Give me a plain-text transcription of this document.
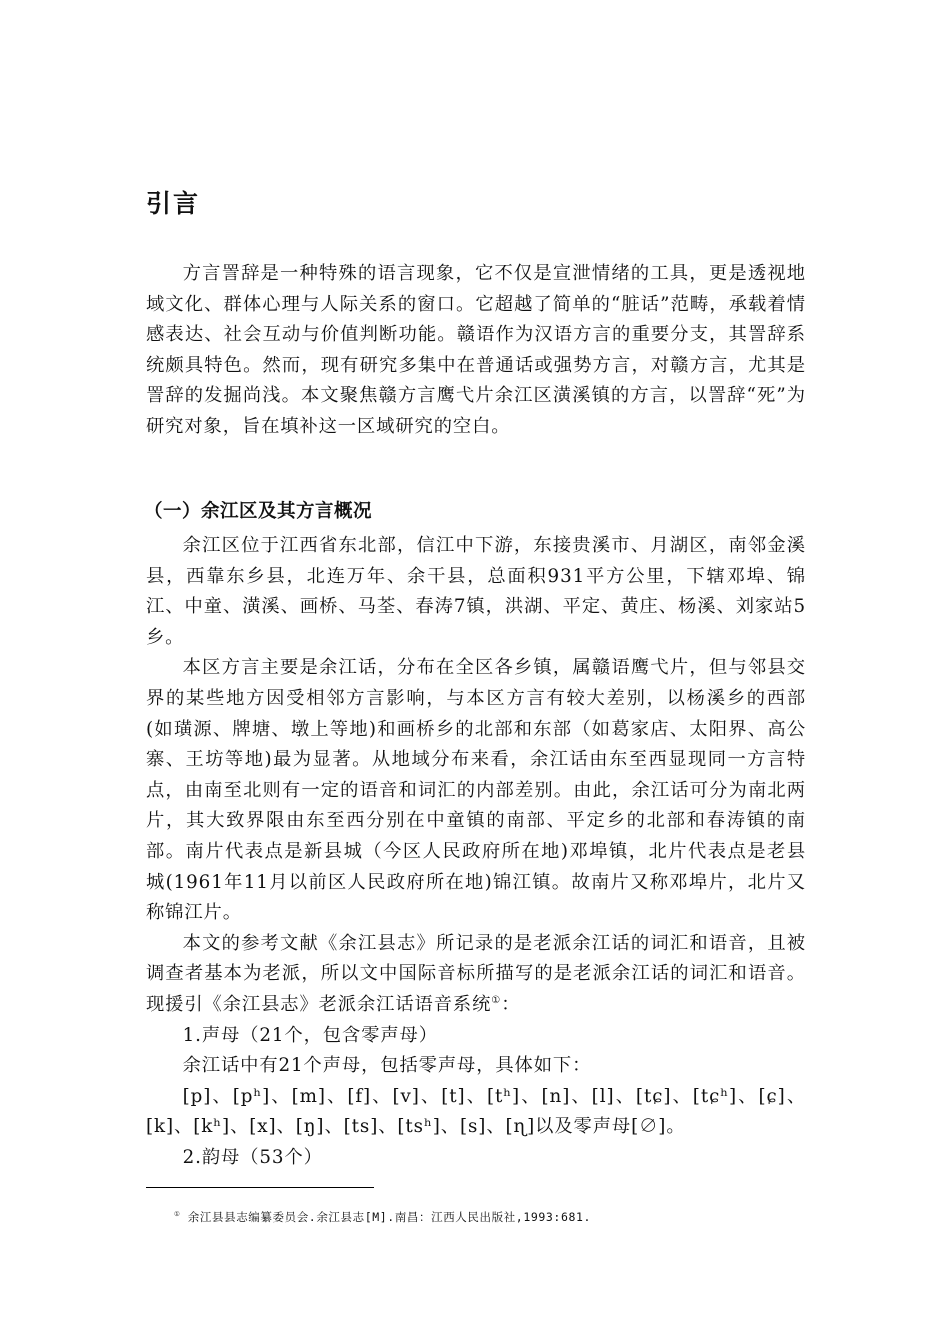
引言

方言詈辞是一种特殊的语言现象，它不仅是宣泄情绪的工具，更是透视地域文化、群体心理与人际关系的窗口。它超越了简单的“脏话”范畴，承载着情感表达、社会互动与价值判断功能。赣语作为汉语方言的重要分支，其詈辞系统颇具特色。然而，现有研究多集中在普通话或强势方言，对赣方言，尤其是詈辞的发掘尚浅。本文聚焦赣方言鹰弋片余江区潢溪镇的方言，以詈辞“死”为研究对象，旨在填补这一区域研究的空白。

（一）余江区及其方言概况

余江区位于江西省东北部，信江中下游，东接贵溪市、月湖区，南邻金溪县，西靠东乡县，北连万年、余干县，总面积931平方公里，下辖邓埠、锦江、中童、潢溪、画桥、马荃、春涛7镇，洪湖、平定、黄庄、杨溪、刘家站5乡。

本区方言主要是余江话，分布在全区各乡镇，属赣语鹰弋片，但与邻县交界的某些地方因受相邻方言影响，与本区方言有较大差别，以杨溪乡的西部(如璜源、牌塘、墩上等地)和画桥乡的北部和东部（如葛家店、太阳界、高公寨、王坊等地)最为显著。从地域分布来看，余江话由东至西显现同一方言特点，由南至北则有一定的语音和词汇的内部差别。由此，余江话可分为南北两片，其大致界限由东至西分别在中童镇的南部、平定乡的北部和春涛镇的南部。南片代表点是新县城（今区人民政府所在地)邓埠镇，北片代表点是老县城(1961年11月以前区人民政府所在地)锦江镇。故南片又称邓埠片，北片又称锦江片。

本文的参考文献《余江县志》所记录的是老派余江话的词汇和语音，且被调查者基本为老派，所以文中国际音标所描写的是老派余江话的词汇和语音。现援引《余江县志》老派余江话语音系统①：

1.声母（21个，包含零声母）

余江话中有21个声母，包括零声母，具体如下：

[p]、[pʰ]、[m]、[f]、[v]、[t]、[tʰ]、[n]、[l]、[tɕ]、[tɕʰ]、[ɕ]、[k]、[kʰ]、[x]、[ŋ]、[ts]、[tsʰ]、[s]、[ɳ]以及零声母[∅]。

2.韵母（53个）

① 余江县县志编纂委员会.余江县志[M].南昌：江西人民出版社,1993:681.
